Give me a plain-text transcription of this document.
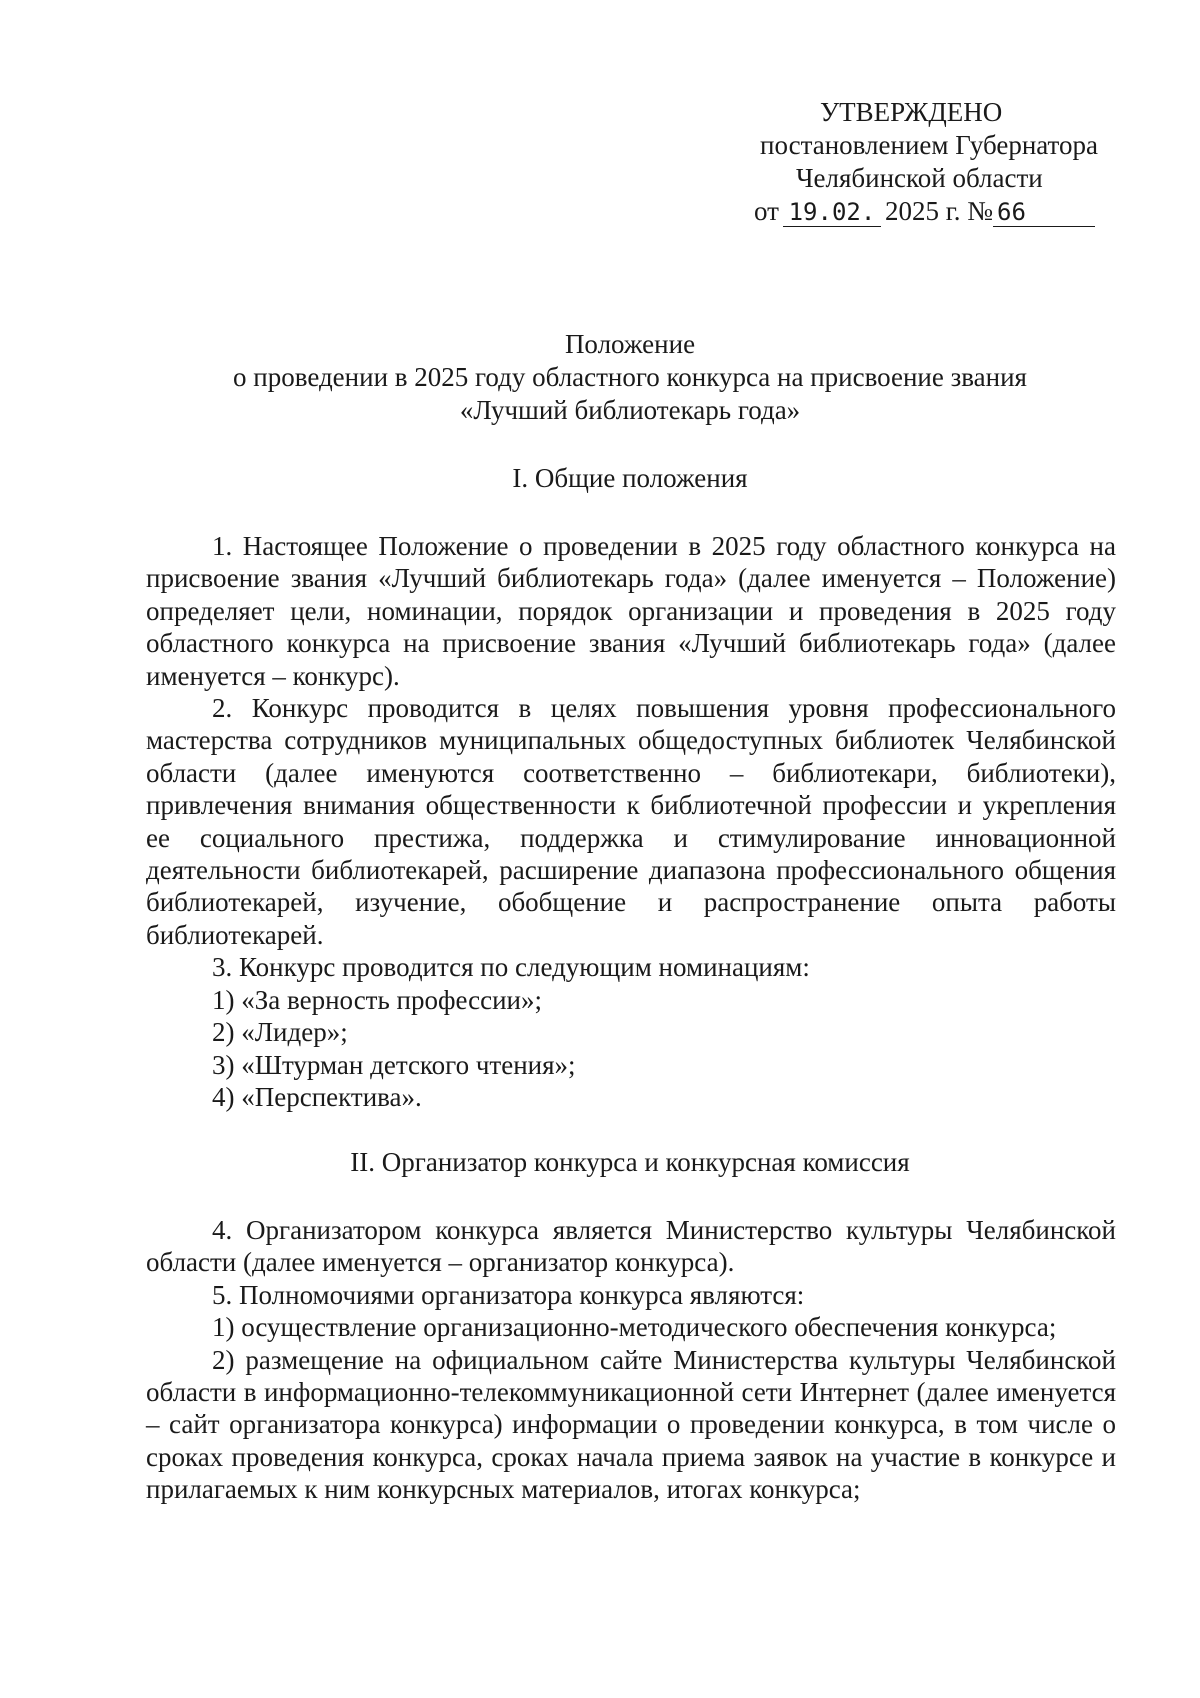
УТВЕРЖДЕНО
постановлением Губернатора
Челябинской области
от 19.02. 2025 г. № 66
Положение
о проведении в 2025 году областного конкурса на присвоение звания
«Лучший библиотекарь года»
I. Общие положения

1. Настоящее Положение о проведении в 2025 году областного конкурса на присвоение звания «Лучший библиотекарь года» (далее именуется – Положение) определяет цели, номинации, порядок организации и проведения в 2025 году областного конкурса на присвоение звания «Лучший библиотекарь года» (далее именуется – конкурс).

2. Конкурс проводится в целях повышения уровня профессионального мастерства сотрудников муниципальных общедоступных библиотек Челябинской области (далее именуются соответственно – библиотекари, библиотеки), привлечения внимания общественности к библиотечной профессии и укрепления ее социального престижа, поддержка и стимулирование инновационной деятельности библиотекарей, расширение диапазона профессионального общения библиотекарей, изучение, обобщение и распространение опыта работы библиотекарей.

3. Конкурс проводится по следующим номинациям:

1) «За верность профессии»;

2) «Лидер»;

3) «Штурман детского чтения»;

4) «Перспектива».

II. Организатор конкурса и конкурсная комиссия

4. Организатором конкурса является Министерство культуры Челябинской области (далее именуется – организатор конкурса).

5. Полномочиями организатора конкурса являются:

1) осуществление организационно-методического обеспечения конкурса;

2) размещение на официальном сайте Министерства культуры Челябинской области в информационно-телекоммуникационной сети Интернет (далее именуется – сайт организатора конкурса) информации о проведении конкурса, в том числе о сроках проведения конкурса, сроках начала приема заявок на участие в конкурсе и прилагаемых к ним конкурсных материалов, итогах конкурса;
